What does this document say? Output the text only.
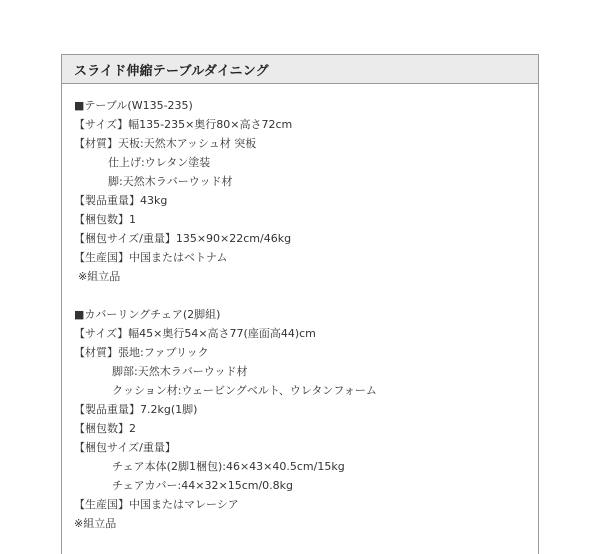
スライド伸縮テーブルダイニング
■テーブル(W135-235)
【サイズ】幅135-235×奥行80×高さ72cm
【材質】天板:天然木アッシュ材 突板
仕上げ:ウレタン塗装
脚:天然木ラバーウッド材
【製品重量】43kg
【梱包数】1
【梱包サイズ/重量】135×90×22cm/46kg
【生産国】中国またはベトナム
※組立品
■カバーリングチェア(2脚組)
【サイズ】幅45×奥行54×高さ77(座面高44)cm
【材質】張地:ファブリック
脚部:天然木ラバーウッド材
クッション材:ウェービングベルト、ウレタンフォーム
【製品重量】7.2kg(1脚)
【梱包数】2
【梱包サイズ/重量】
チェア本体(2脚1梱包):46×43×40.5cm/15kg
チェアカバー:44×32×15cm/0.8kg
【生産国】中国またはマレーシア
※組立品
